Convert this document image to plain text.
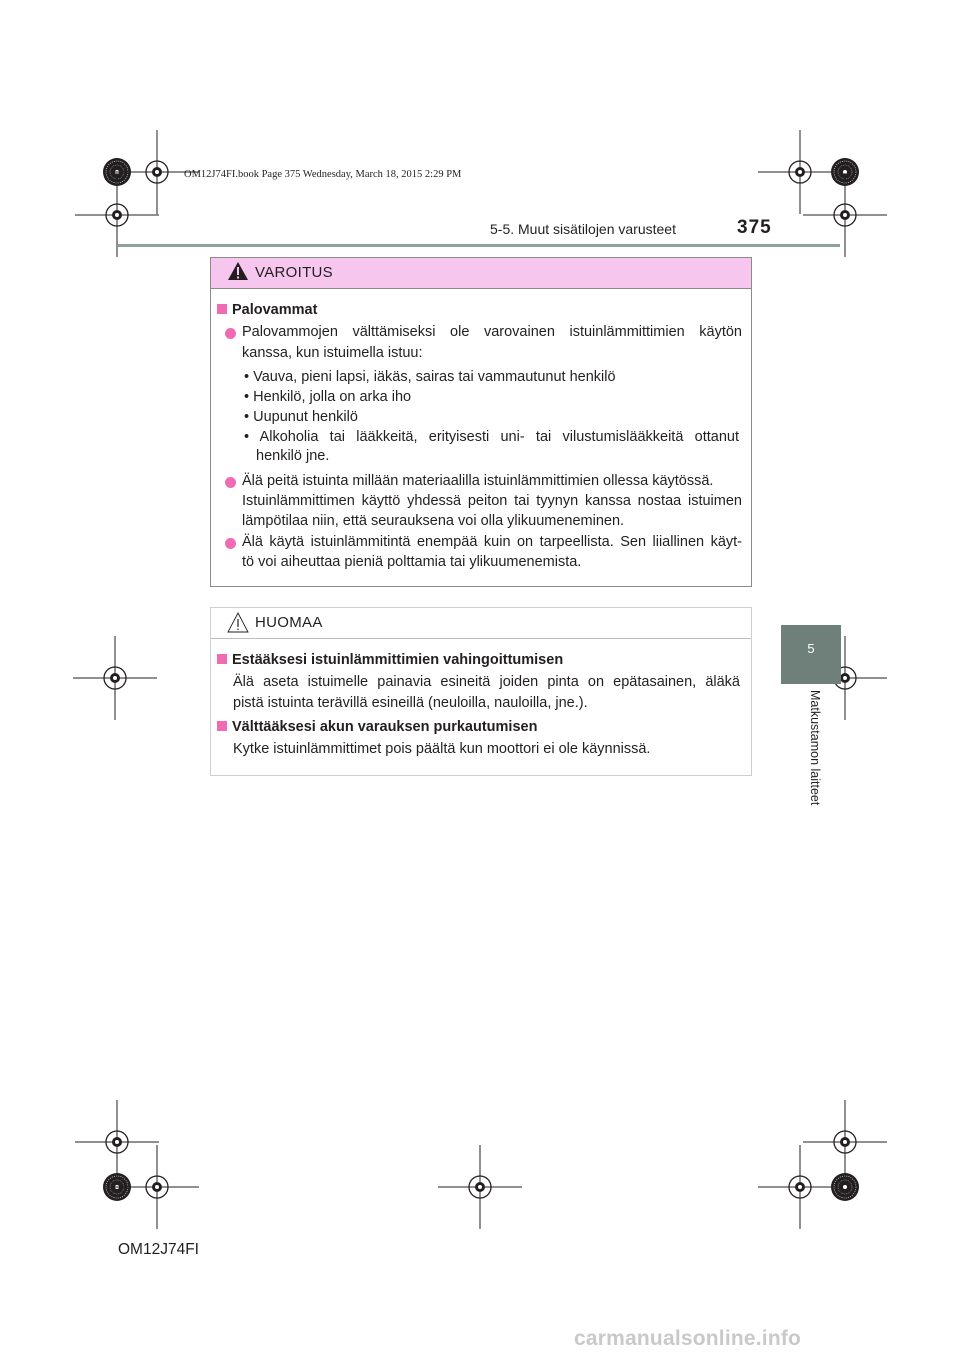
OM12J74FI.book Page 375 Wednesday, March 18, 2015 2:29 PM
5-5. Muut sisätilojen varusteet	375
5
Matkustamon laitteet
VAROITUS
Palovammat
Palovammojen välttämiseksi ole varovainen istuinlämmittimien käytön
kanssa, kun istuimella istuu:
• Vauva, pieni lapsi, iäkäs, sairas tai vammautunut henkilö
• Henkilö, jolla on arka iho
• Uupunut henkilö
• Alkoholia tai lääkkeitä, erityisesti uni- tai vilustumislääkkeitä ottanut
henkilö jne.
Älä peitä istuinta millään materiaalilla istuinlämmittimien ollessa käytössä.
Istuinlämmittimen käyttö yhdessä peiton tai tyynyn kanssa nostaa istuimen
lämpötilaa niin, että seurauksena voi olla ylikuumeneminen.
Älä käytä istuinlämmitintä enempää kuin on tarpeellista. Sen liiallinen käyt-
tö voi aiheuttaa pieniä polttamia tai ylikuumenemista.
HUOMAA
Estääksesi istuinlämmittimien vahingoittumisen
Älä aseta istuimelle painavia esineitä joiden pinta on epätasainen, äläkä
pistä istuinta terävillä esineillä (neuloilla, nauloilla, jne.).
Välttääksesi akun varauksen purkautumisen
Kytke istuinlämmittimet pois päältä kun moottori ei ole käynnissä.
OM12J74FI
carmanualsonline.info
